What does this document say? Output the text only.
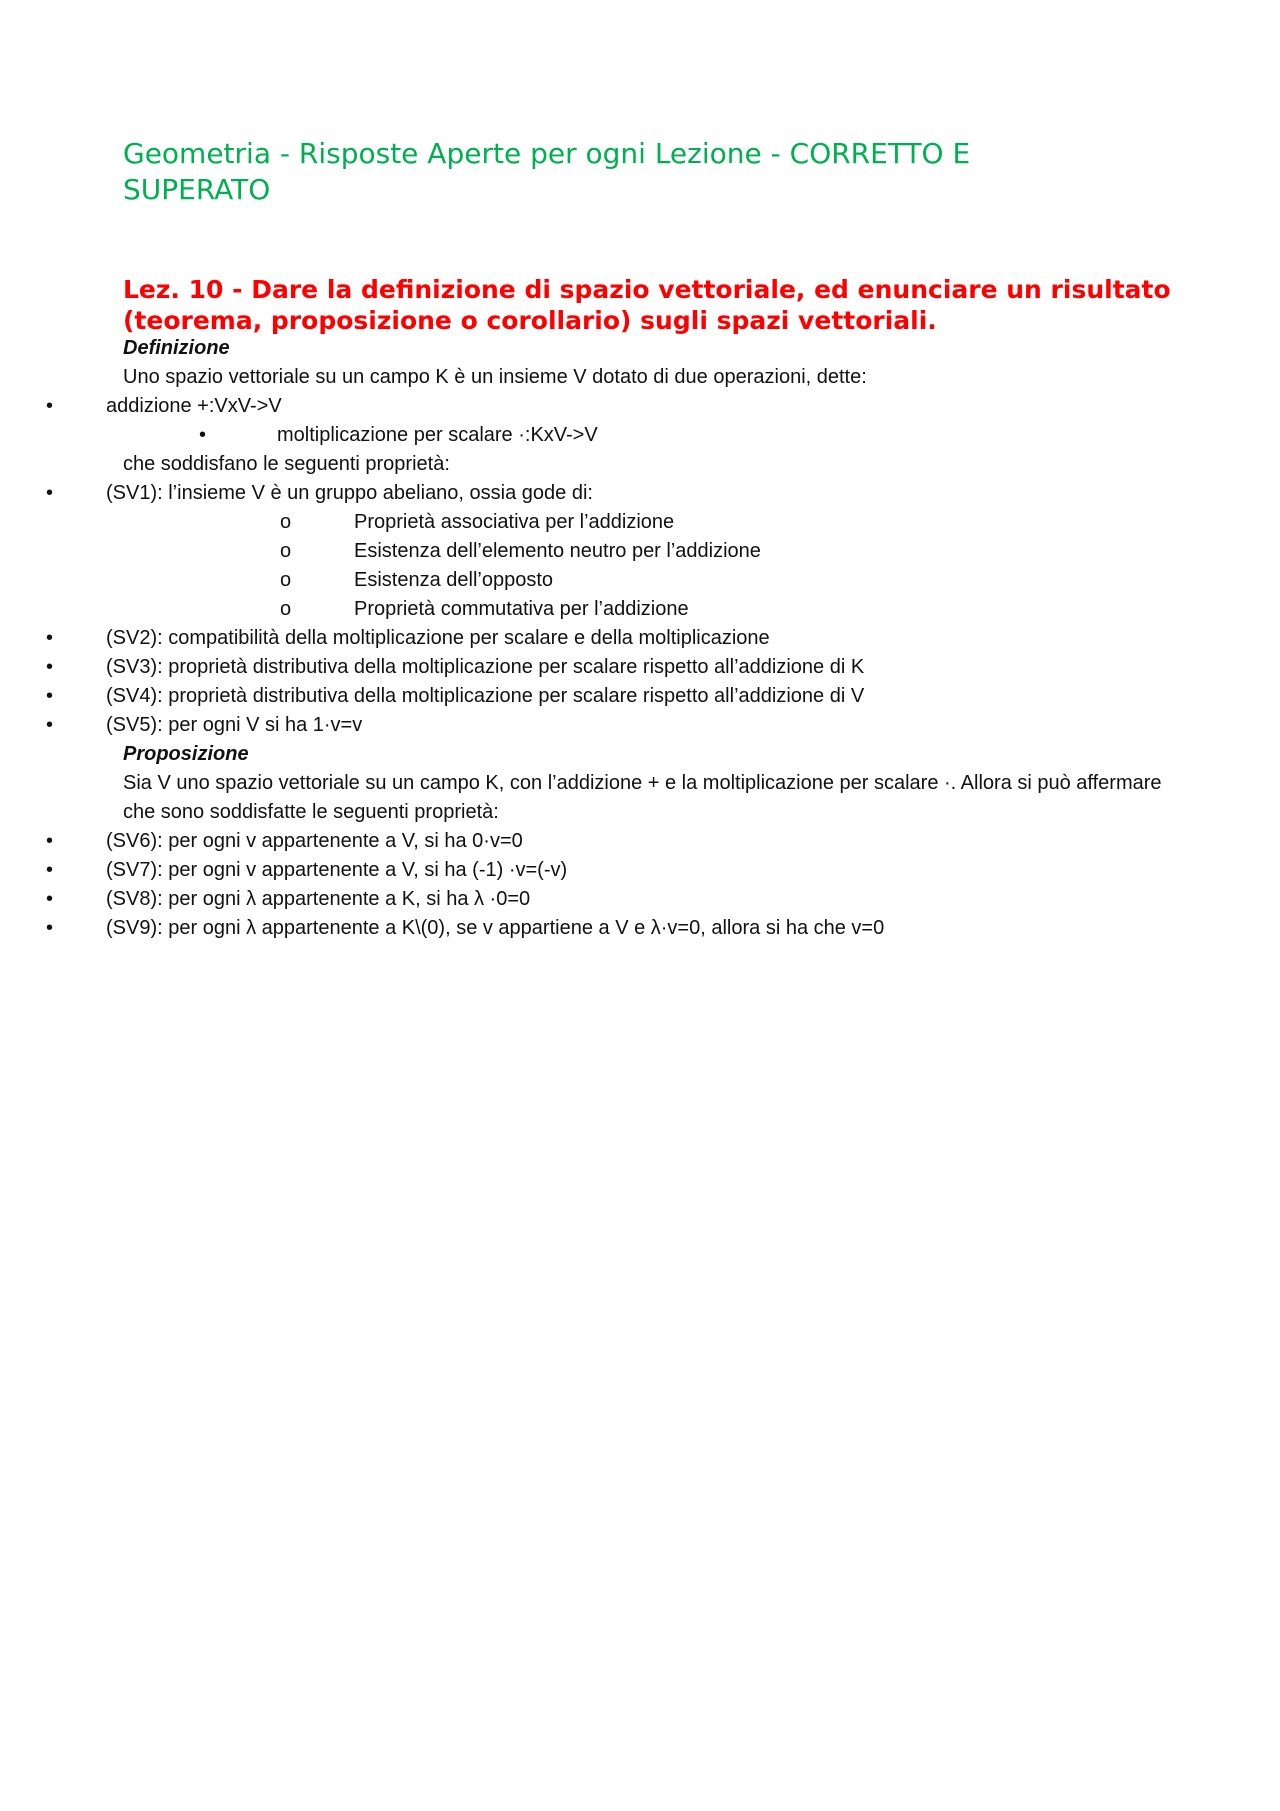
Geometria - Risposte Aperte per ogni Lezione - CORRETTO E SUPERATO
Lez. 10 - Dare la definizione di spazio vettoriale, ed enunciare un risultato (teorema, proposizione o corollario) sugli spazi vettoriali.
Definizione
Uno spazio vettoriale su un campo K è un insieme V dotato di due operazioni, dette:
•	addizione +:VxV->V
•	moltiplicazione per scalare ·:KxV->V
che soddisfano le seguenti proprietà:
•	(SV1): l’insieme V è un gruppo abeliano, ossia gode di:
o	Proprietà associativa per l’addizione
o	Esistenza dell’elemento neutro per l’addizione
o	Esistenza dell’opposto
o	Proprietà commutativa per l’addizione
•	(SV2): compatibilità della moltiplicazione per scalare e della moltiplicazione
•	(SV3): proprietà distributiva della moltiplicazione per scalare rispetto all’addizione di K
•	(SV4): proprietà distributiva della moltiplicazione per scalare rispetto all’addizione di V
•	(SV5): per ogni V si ha 1·v=v
Proposizione
Sia V uno spazio vettoriale su un campo K, con l’addizione + e la moltiplicazione per scalare ·. Allora si può affermare che sono soddisfatte le seguenti proprietà:
•	(SV6): per ogni v appartenente a V, si ha 0·v=0
•	(SV7): per ogni v appartenente a V, si ha (-1) ·v=(-v)
•	(SV8): per ogni λ appartenente a K, si ha λ ·0=0
•	(SV9): per ogni λ appartenente a K\(0), se v appartiene a V e λ·v=0, allora si ha che v=0
